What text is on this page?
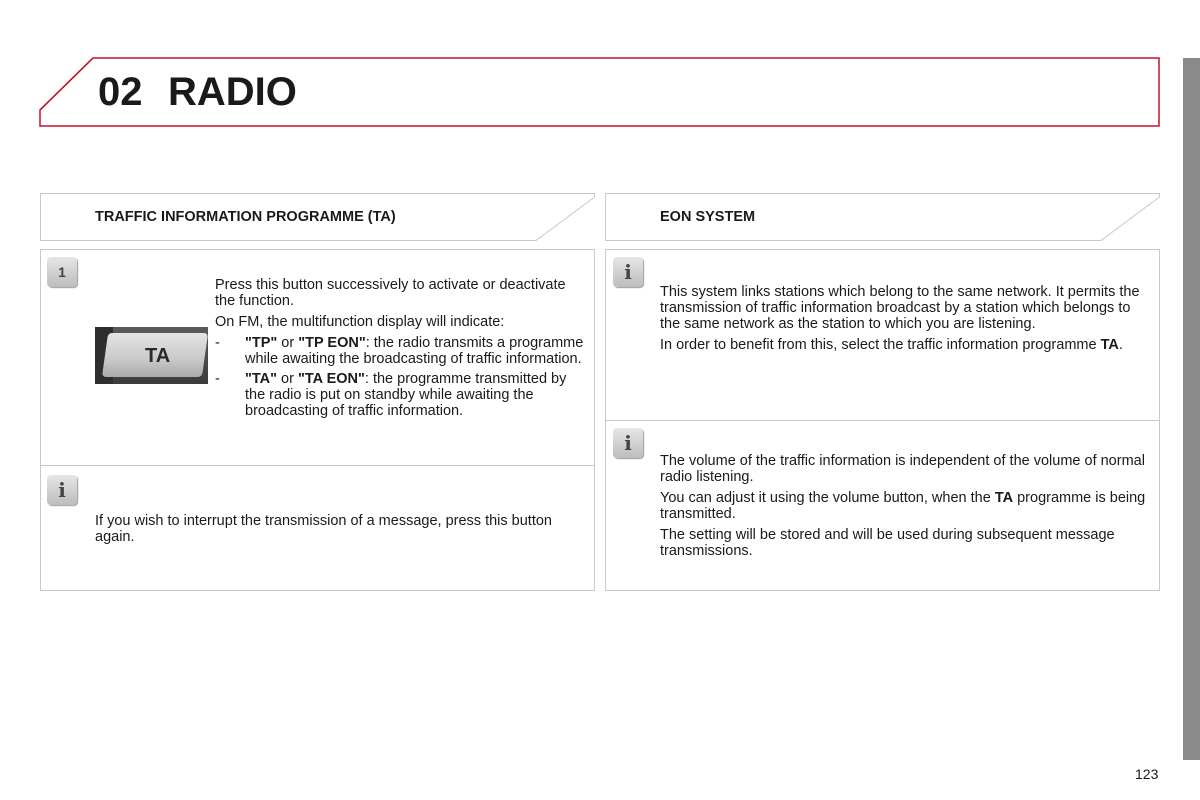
02 RADIO
TRAFFIC INFORMATION PROGRAMME (TA)	EON SYSTEM
1
TA

Press this button successively to activate or deactivate the function.

On FM, the multifunction display will indicate:

-	"TP" or "TP EON": the radio transmits a programme while awaiting the broadcasting of traffic information.
-	"TA" or "TA EON": the programme transmitted by the radio is put on standby while awaiting the broadcasting of traffic information.
i
If you wish to interrupt the transmission of a message, press this button again.
i

This system links stations which belong to the same network. It permits the transmission of traffic information broadcast by a station which belongs to the same network as the station to which you are listening.

In order to benefit from this, select the traffic information programme TA.

i

The volume of the traffic information is independent of the volume of normal radio listening.

You can adjust it using the volume button, when the TA programme is being transmitted.

The setting will be stored and will be used during subsequent message transmissions.

123
